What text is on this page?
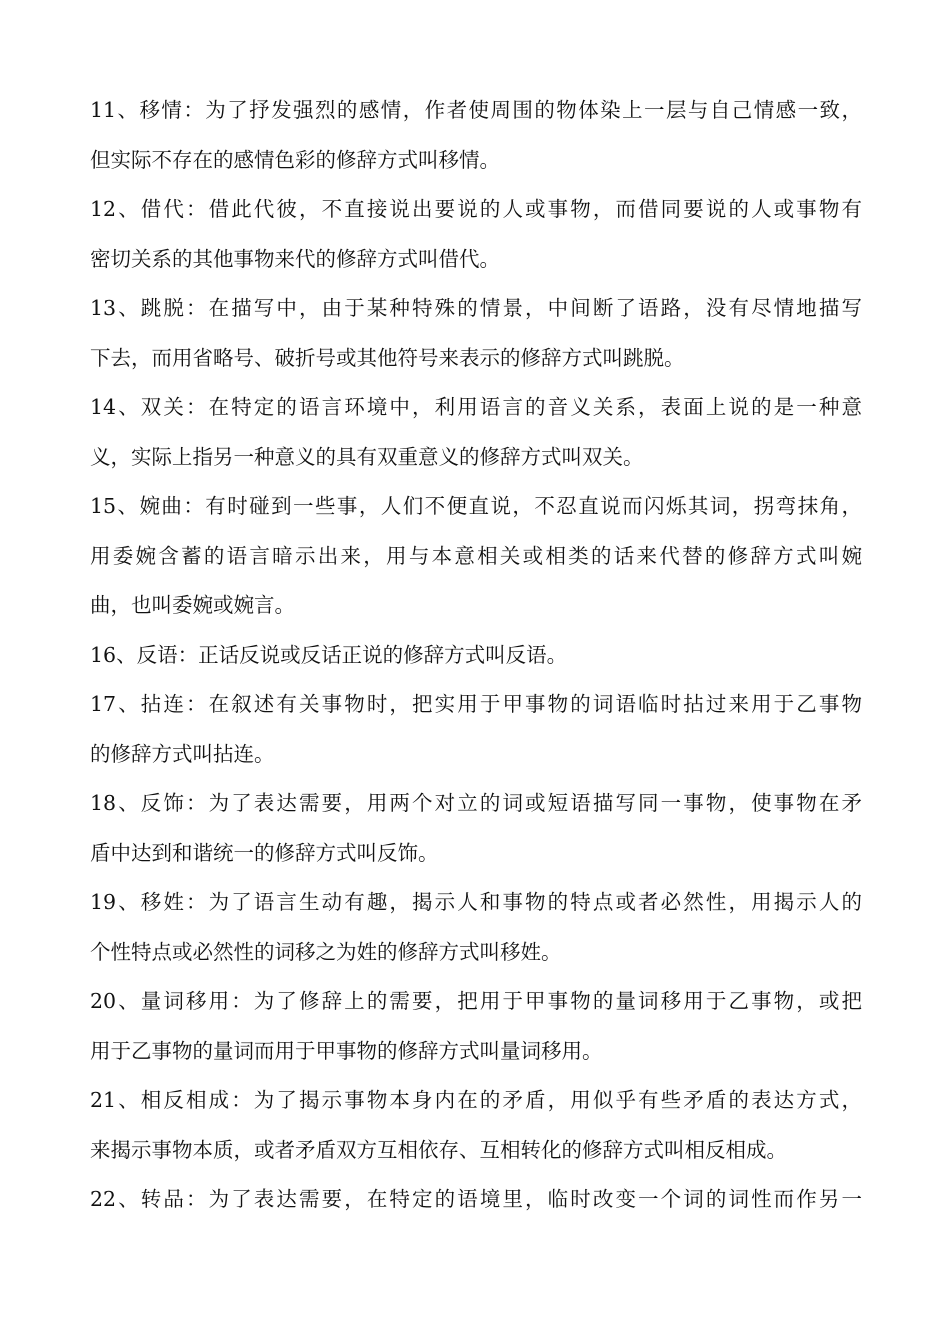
11、移情：为了抒发强烈的感情，作者使周围的物体染上一层与自己情感一致，
但实际不存在的感情色彩的修辞方式叫移情。
12、借代：借此代彼，不直接说出要说的人或事物，而借同要说的人或事物有
密切关系的其他事物来代的修辞方式叫借代。
13、跳脱：在描写中，由于某种特殊的情景，中间断了语路，没有尽情地描写
下去，而用省略号、破折号或其他符号来表示的修辞方式叫跳脱。
14、双关：在特定的语言环境中，利用语言的音义关系，表面上说的是一种意
义，实际上指另一种意义的具有双重意义的修辞方式叫双关。
15、婉曲：有时碰到一些事，人们不便直说，不忍直说而闪烁其词，拐弯抹角，
用委婉含蓄的语言暗示出来，用与本意相关或相类的话来代替的修辞方式叫婉
曲，也叫委婉或婉言。
16、反语：正话反说或反话正说的修辞方式叫反语。
17、拈连：在叙述有关事物时，把实用于甲事物的词语临时拈过来用于乙事物
的修辞方式叫拈连。
18、反饰：为了表达需要，用两个对立的词或短语描写同一事物，使事物在矛
盾中达到和谐统一的修辞方式叫反饰。
19、移姓：为了语言生动有趣，揭示人和事物的特点或者必然性，用揭示人的
个性特点或必然性的词移之为姓的修辞方式叫移姓。
20、量词移用：为了修辞上的需要，把用于甲事物的量词移用于乙事物，或把
用于乙事物的量词而用于甲事物的修辞方式叫量词移用。
21、相反相成：为了揭示事物本身内在的矛盾，用似乎有些矛盾的表达方式，
来揭示事物本质，或者矛盾双方互相依存、互相转化的修辞方式叫相反相成。
22、转品：为了表达需要，在特定的语境里，临时改变一个词的词性而作另一
